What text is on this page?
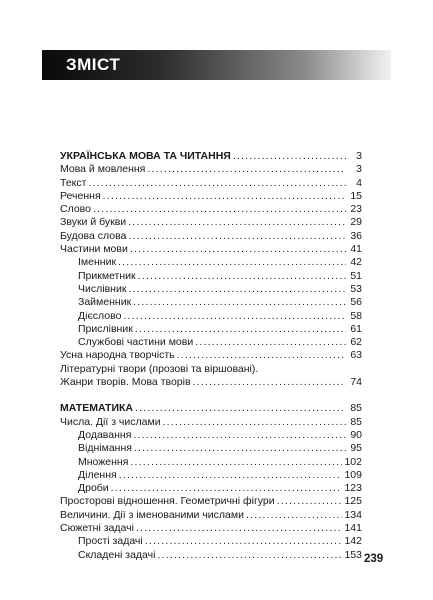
ЗМІСТ
УКРАЇНСЬКА МОВА ТА ЧИТАННЯ .....	3
Мова й мовлення .....	3
Текст .....	4
Речення .....	15
Слово .....	23
Звуки й букви .....	29
Будова слова .....	36
Частини мови .....	41
Іменник .....	42
Прикметник .....	51
Числівник .....	53
Займенник .....	56
Дієслово .....	58
Прислівник .....	61
Службові частини мови .....	62
Усна народна творчість .....	63
Літературні твори (прозові та віршовані).
Жанри творів. Мова творів .....	74
МАТЕМАТИКА .....	85
Числа. Дії з числами .....	85
Додавання .....	90
Віднімання .....	95
Множення .....	102
Ділення .....	109
Дроби .....	123
Просторові відношення. Геометричні фігури .....	125
Величини. Дії з іменованими числами .....	134
Сюжетні задачі .....	141
Прості задачі .....	142
Складені задачі .....	153 239
